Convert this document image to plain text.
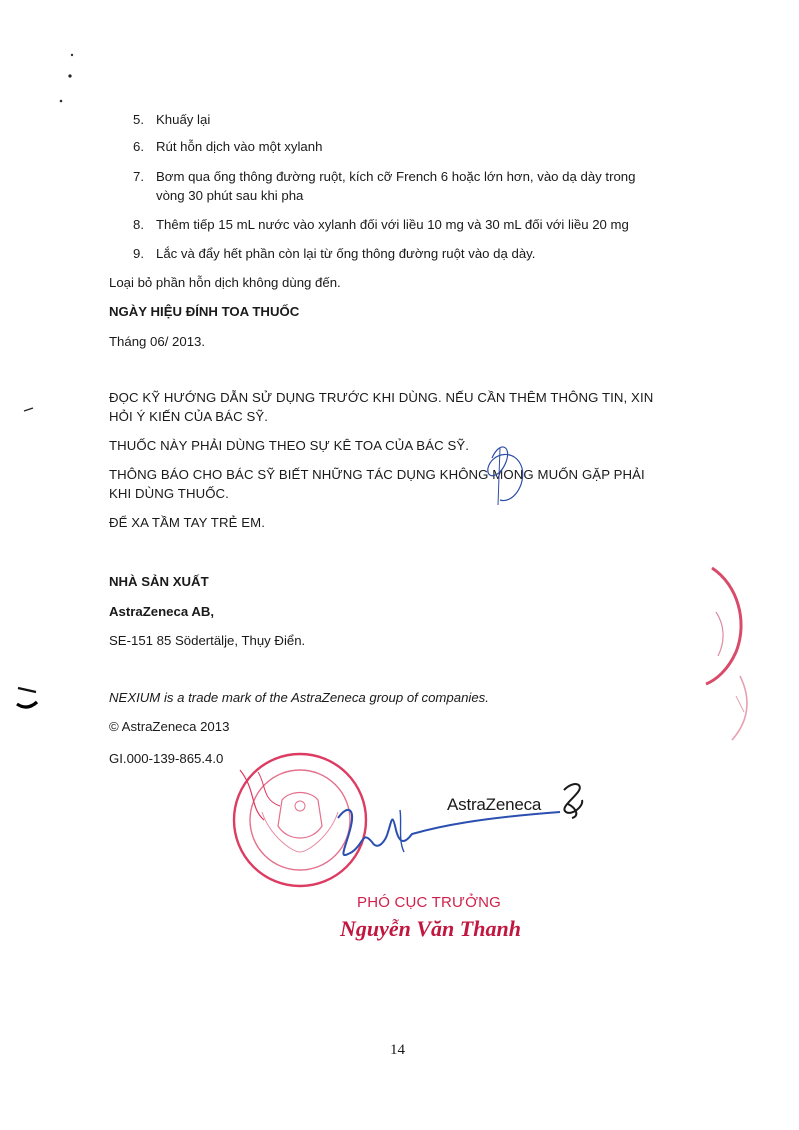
5. Khuấy lại
6. Rút hỗn dịch vào một xylanh
7. Bơm qua ống thông đường ruột, kích cỡ French 6 hoặc lớn hơn, vào dạ dày trong
vòng 30 phút sau khi pha
8. Thêm tiếp 15 mL nước vào xylanh đối với liều 10 mg và 30 mL đối với liều 20 mg
9. Lắc và đẩy hết phần còn lại từ ống thông đường ruột vào dạ dày.
Loại bỏ phần hỗn dịch không dùng đến.
NGÀY HIỆU ĐÍNH TOA THUỐC
Tháng 06/ 2013.
ĐỌC KỸ HƯỚNG DẪN SỬ DỤNG TRƯỚC KHI DÙNG. NẾU CẦN THÊM THÔNG TIN, XIN
HỎI Ý KIẾN CỦA BÁC SỸ.
THUỐC NÀY PHẢI DÙNG THEO SỰ KÊ TOA CỦA BÁC SỸ.
THÔNG BÁO CHO BÁC SỸ BIẾT NHỮNG TÁC DỤNG KHÔNG MONG MUỐN GẶP PHẢI
KHI DÙNG THUỐC.
ĐỂ XA TẦM TAY TRẺ EM.
NHÀ SẢN XUẤT
AstraZeneca AB,
SE-151 85 Södertälje, Thụy Điển.
NEXIUM is a trade mark of the AstraZeneca group of companies.
© AstraZeneca 2013
GI.000-139-865.4.0
AstraZeneca
PHÓ CỤC TRƯỞNG
Nguyễn Văn Thanh
14
